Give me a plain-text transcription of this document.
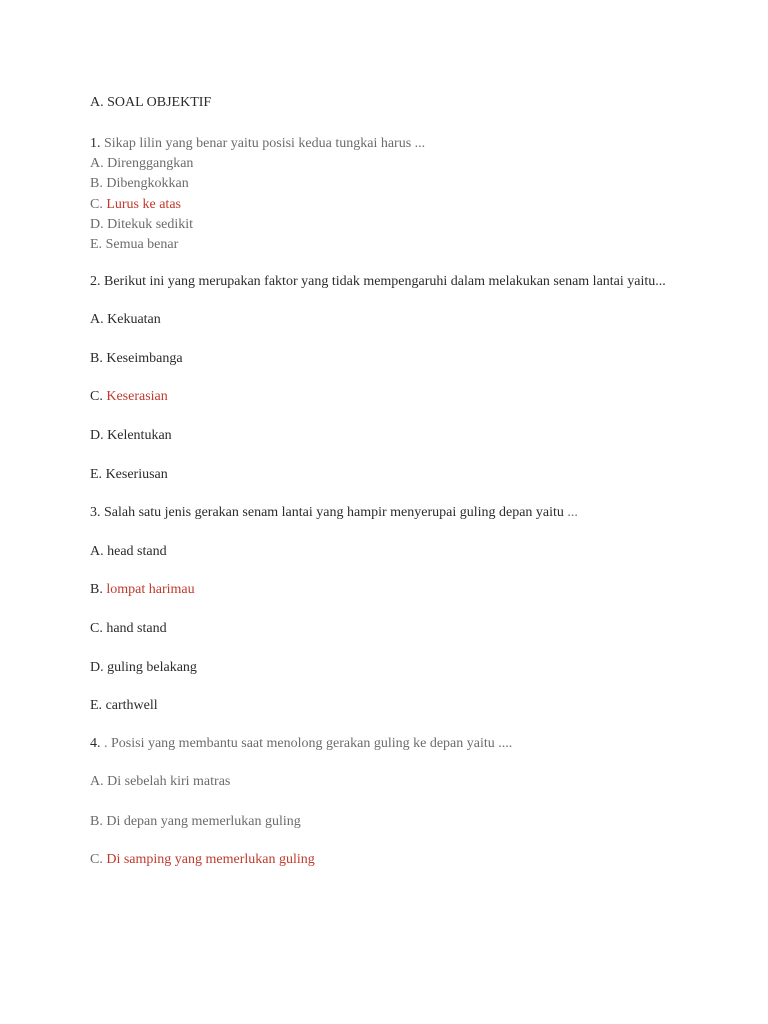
A. SOAL OBJEKTIF
1. Sikap lilin yang benar yaitu posisi kedua tungkai harus ...
A. Direnggangkan
B. Dibengkokkan
C. Lurus ke atas
D. Ditekuk sedikit
E. Semua benar
2. Berikut ini yang merupakan faktor yang tidak mempengaruhi dalam melakukan senam lantai yaitu...
A. Kekuatan
B. Keseimbanga
C. Keserasian
D. Kelentukan
E. Keseriusan
3. Salah satu jenis gerakan senam lantai yang hampir menyerupai guling depan yaitu ...
A. head stand
B. lompat harimau
C. hand stand
D. guling belakang
E. carthwell
4. . Posisi yang membantu saat menolong gerakan guling ke depan yaitu ....
A. Di sebelah kiri matras
B. Di depan yang memerlukan guling
C. Di samping yang memerlukan guling
